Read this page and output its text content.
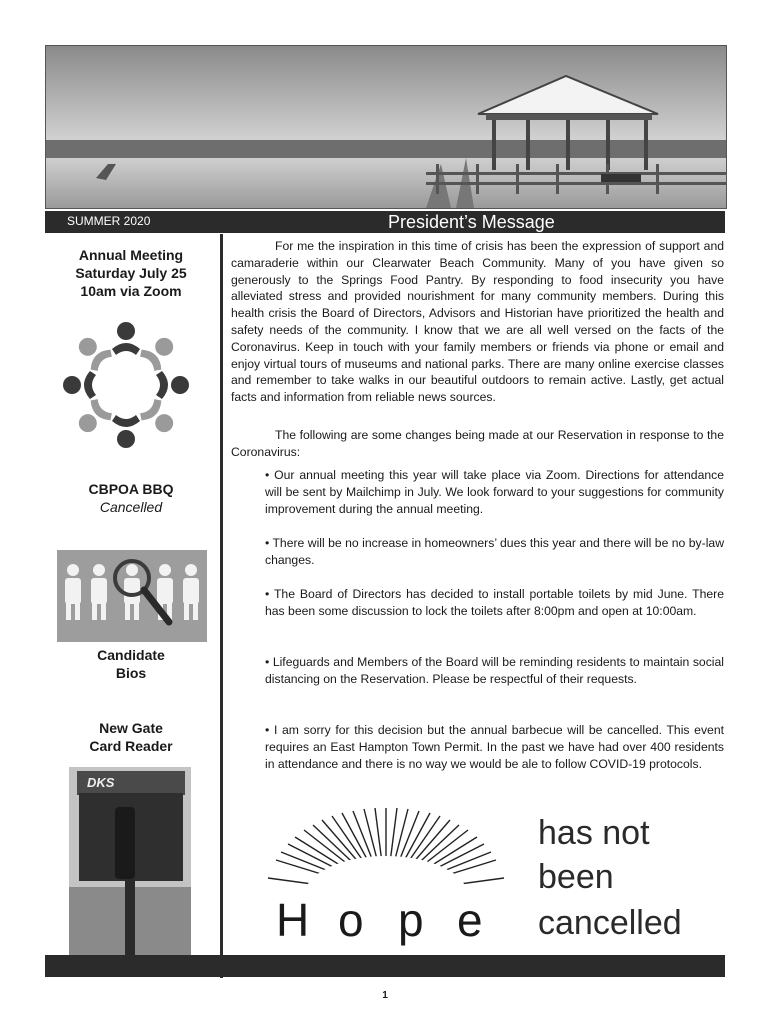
SUMMER 2020	President’s Message
Annual Meeting
Saturday July 25
10am via Zoom
CBPOA BBQ
Cancelled
Candidate
Bios
New Gate
Card Reader
DKS
For me the inspiration in this time of crisis has been the expression of support and camaraderie within our Clearwater Beach Community. Many of you have given so generously to the Springs Food Pantry. By responding to food insecurity you have alleviated stress and provided nourishment for many community members. During this health crisis the Board of Directors, Advisors and Historian have prioritized the health and safety needs of the community. I know that we are all well versed on the facts of the Coronavirus. Keep in touch with your family members or friends via phone or email and enjoy virtual tours of museums and national parks. There are many online exercise classes and remember to take walks in our beautiful outdoors to remain active. Lastly, get actual facts and information from reliable news sources.
The following are some changes being made at our Reservation in response to the Coronavirus:
• Our annual meeting this year will take place via Zoom. Directions for attendance will be sent by Mailchimp in July. We look forward to your suggestions for community improvement during the annual meeting.
• There will be no increase in homeowners’ dues this year and there will be no by-law changes.
• The Board of Directors has decided to install portable toilets by mid June. There has been some discussion to lock the toilets after 8:00pm and open at 10:00am.
• Lifeguards and Members of the Board will be reminding residents to maintain social distancing on the Reservation. Please be respectful of their requests.
• I am sorry for this decision but the annual barbecue will be cancelled. This event requires an East Hampton Town Permit. In the past we have had over 400 residents in attendance and there is no way we would be ale to follow COVID-19 protocols.
H o p e
has not
been
cancelled
1
